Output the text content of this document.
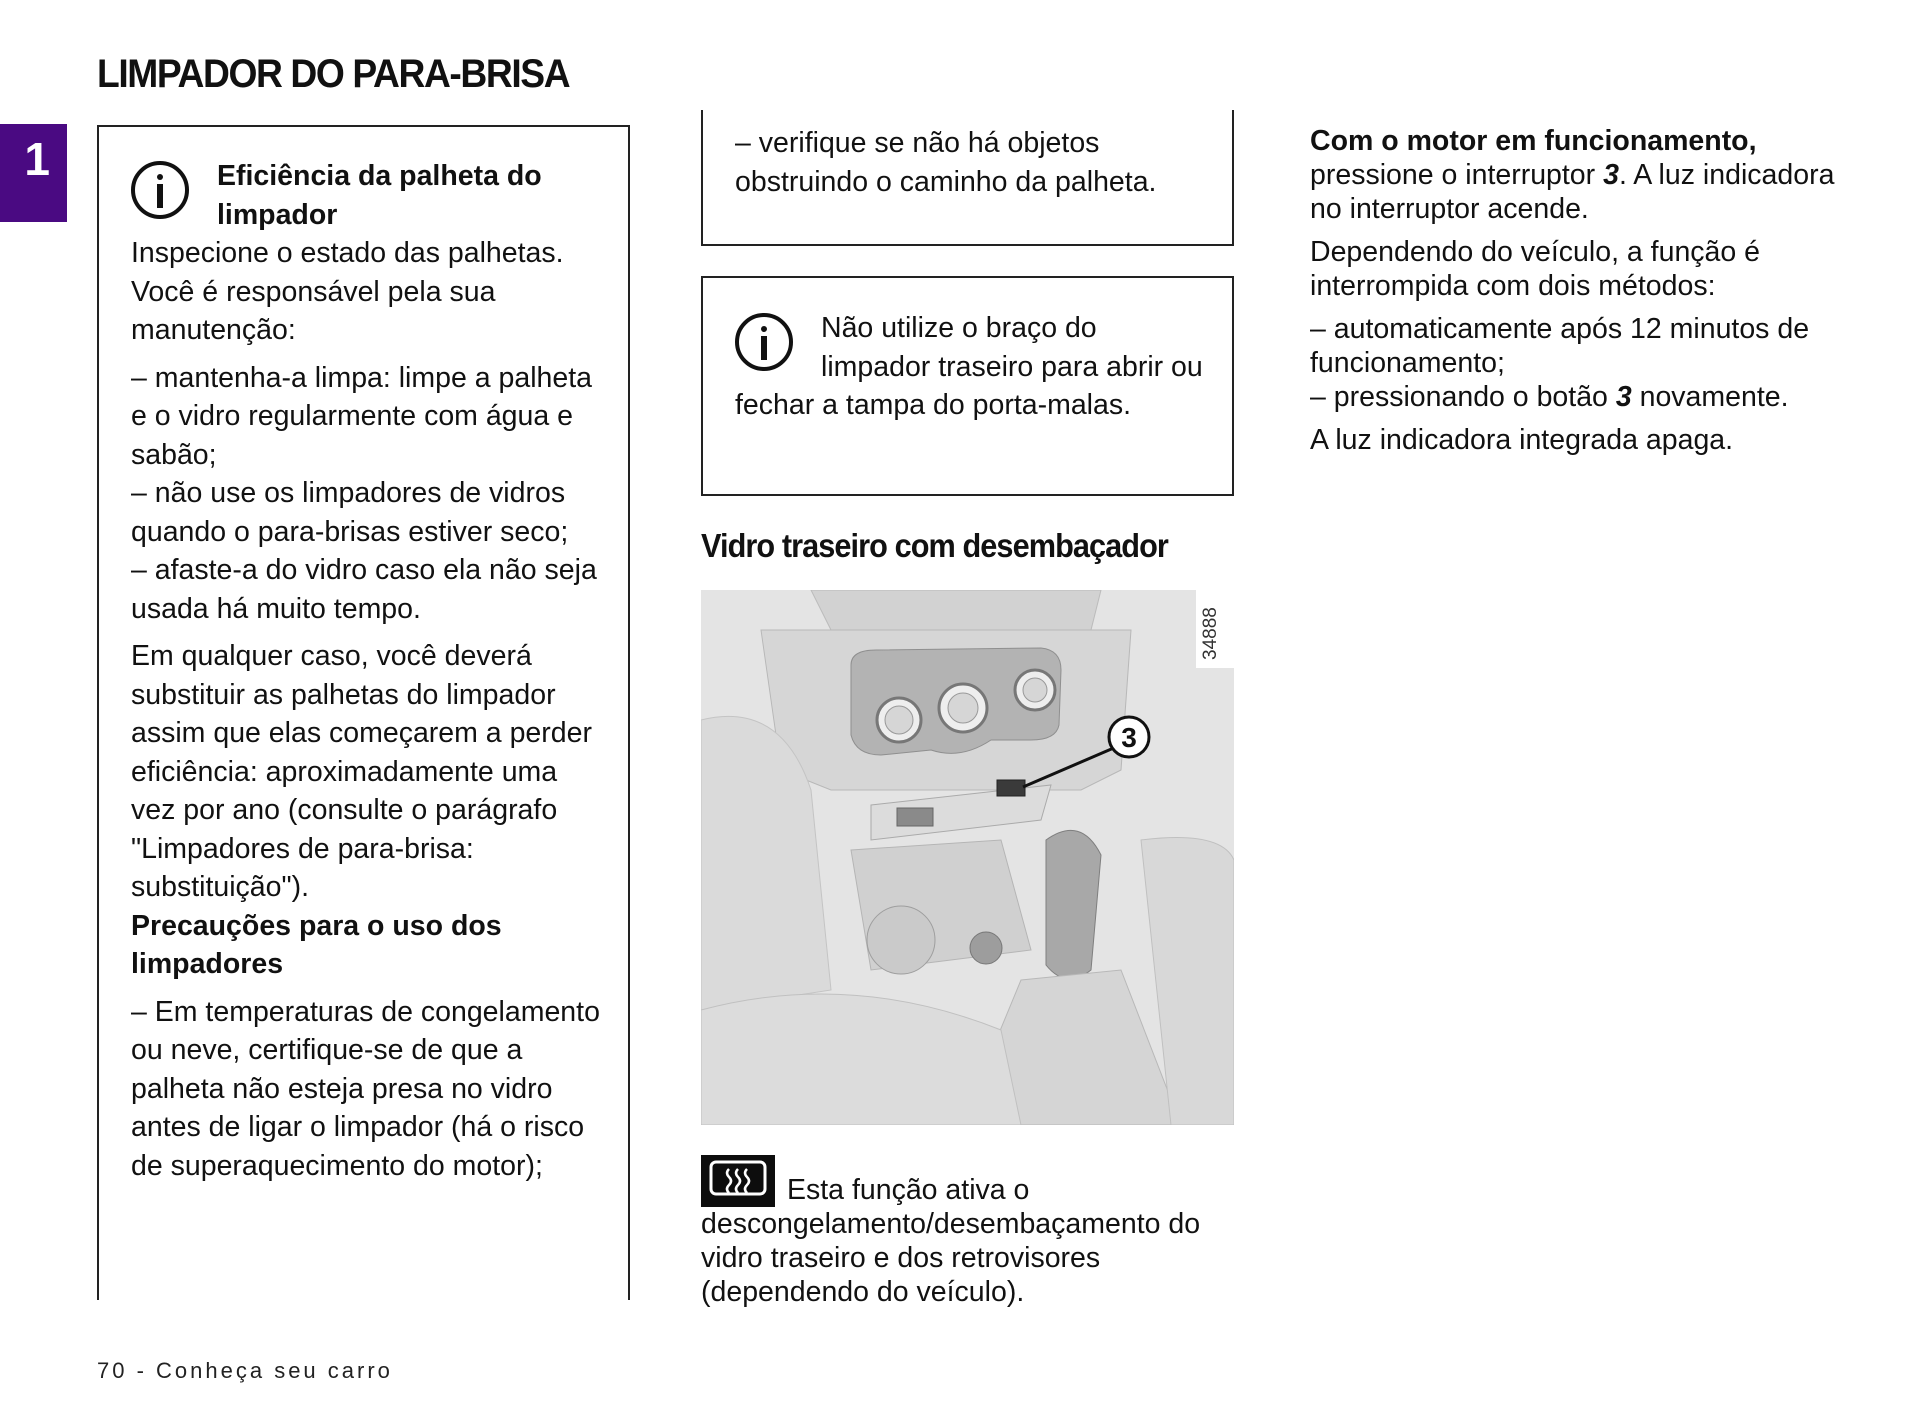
LIMPADOR DO PARA-BRISA
1	Eficiência da palheta do limpador

Inspecione o estado das palhetas. Você é responsável pela sua manutenção:

– mantenha-a limpa: limpe a palheta e o vidro regularmente com água e sabão;

– não use os limpadores de vidros quando o para-brisas estiver seco;

– afaste-a do vidro caso ela não seja usada há muito tempo.

Em qualquer caso, você deverá substituir as palhetas do limpador assim que elas começarem a perder eficiência: aproximadamente uma vez por ano (consulte o parágrafo "Limpadores de para-brisa: substituição").

Precauções para o uso dos limpadores

– Em temperaturas de congelamento ou neve, certifique-se de que a palheta não esteja presa no vidro antes de ligar o limpador (há o risco de superaquecimento do motor);

– verifique se não há objetos obstruindo o caminho da palheta.

Não utilize o braço do limpador traseiro para abrir ou fechar a tampa do porta-malas.

Vidro traseiro com desembaçador
3
34888
Esta função ativa o descongelamento/desembaçamento do vidro traseiro e dos retrovisores (dependendo do veículo).

Com o motor em funcionamento, pressione o interruptor 3. A luz indicadora no interruptor acende.

Dependendo do veículo, a função é interrompida com dois métodos:

– automaticamente após 12 minutos de funcionamento;
– pressionando o botão 3 novamente.

A luz indicadora integrada apaga.

70 - Conheça seu carro
